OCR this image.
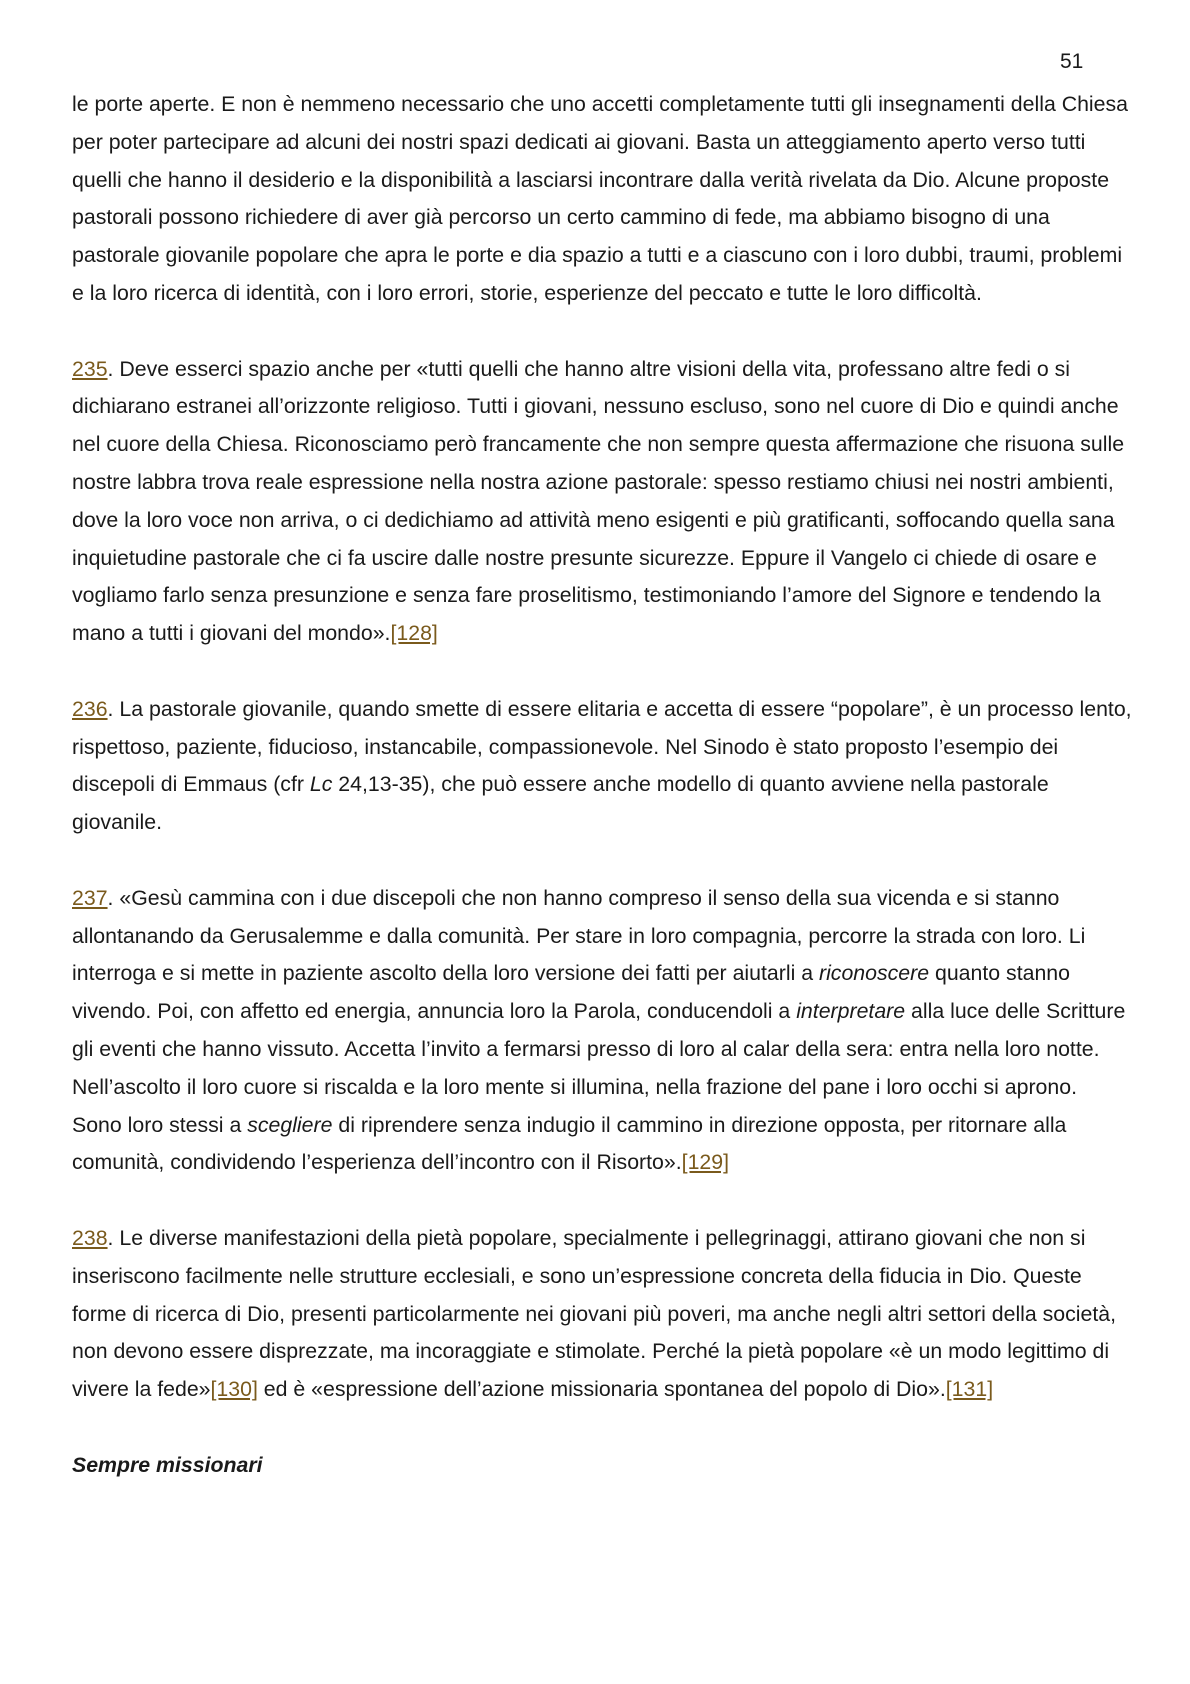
51

le porte aperte. E non è nemmeno necessario che uno accetti completamente tutti gli insegnamenti della Chiesa per poter partecipare ad alcuni dei nostri spazi dedicati ai giovani. Basta un atteggiamento aperto verso tutti quelli che hanno il desiderio e la disponibilità a lasciarsi incontrare dalla verità rivelata da Dio. Alcune proposte pastorali possono richiedere di aver già percorso un certo cammino di fede, ma abbiamo bisogno di una pastorale giovanile popolare che apra le porte e dia spazio a tutti e a ciascuno con i loro dubbi, traumi, problemi e la loro ricerca di identità, con i loro errori, storie, esperienze del peccato e tutte le loro difficoltà.

235. Deve esserci spazio anche per «tutti quelli che hanno altre visioni della vita, professano altre fedi o si dichiarano estranei all’orizzonte religioso. Tutti i giovani, nessuno escluso, sono nel cuore di Dio e quindi anche nel cuore della Chiesa. Riconosciamo però francamente che non sempre questa affermazione che risuona sulle nostre labbra trova reale espressione nella nostra azione pastorale: spesso restiamo chiusi nei nostri ambienti, dove la loro voce non arriva, o ci dedichiamo ad attività meno esigenti e più gratificanti, soffocando quella sana inquietudine pastorale che ci fa uscire dalle nostre presunte sicurezze. Eppure il Vangelo ci chiede di osare e vogliamo farlo senza presunzione e senza fare proselitismo, testimoniando l’amore del Signore e tendendo la mano a tutti i giovani del mondo».[128]

236. La pastorale giovanile, quando smette di essere elitaria e accetta di essere “popolare”, è un processo lento, rispettoso, paziente, fiducioso, instancabile, compassionevole. Nel Sinodo è stato proposto l’esempio dei discepoli di Emmaus (cfr Lc 24,13-35), che può essere anche modello di quanto avviene nella pastorale giovanile.

237. «Gesù cammina con i due discepoli che non hanno compreso il senso della sua vicenda e si stanno allontanando da Gerusalemme e dalla comunità. Per stare in loro compagnia, percorre la strada con loro. Li interroga e si mette in paziente ascolto della loro versione dei fatti per aiutarli a riconoscere quanto stanno vivendo. Poi, con affetto ed energia, annuncia loro la Parola, conducendoli a interpretare alla luce delle Scritture gli eventi che hanno vissuto. Accetta l’invito a fermarsi presso di loro al calar della sera: entra nella loro notte. Nell’ascolto il loro cuore si riscalda e la loro mente si illumina, nella frazione del pane i loro occhi si aprono. Sono loro stessi a scegliere di riprendere senza indugio il cammino in direzione opposta, per ritornare alla comunità, condividendo l’esperienza dell’incontro con il Risorto».[129]

238. Le diverse manifestazioni della pietà popolare, specialmente i pellegrinaggi, attirano giovani che non si inseriscono facilmente nelle strutture ecclesiali, e sono un’espressione concreta della fiducia in Dio. Queste forme di ricerca di Dio, presenti particolarmente nei giovani più poveri, ma anche negli altri settori della società, non devono essere disprezzate, ma incoraggiate e stimolate. Perché la pietà popolare «è un modo legittimo di vivere la fede»[130] ed è «espressione dell’azione missionaria spontanea del popolo di Dio».[131]

Sempre missionari
